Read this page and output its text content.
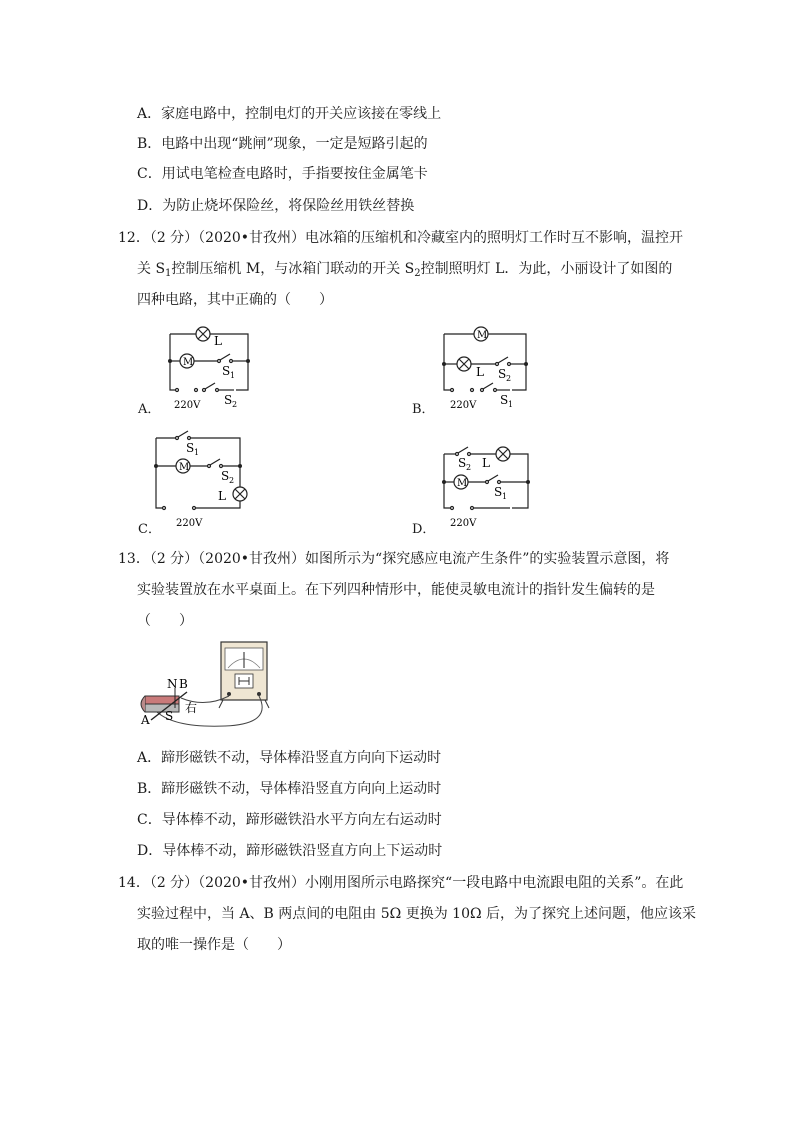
A．家庭电路中，控制电灯的开关应该接在零线上
B．电路中出现“跳闸”现象，一定是短路引起的
C．用试电笔检查电路时，手指要按住金属笔卡
D．为防止烧坏保险丝，将保险丝用铁丝替换
12．（2 分）（2020•甘孜州）电冰箱的压缩机和冷藏室内的照明灯工作时互不影响，温控开
关 $S_1$控制压缩机 M，与冰箱门联动的开关 $S_2$控制照明灯 L．为此，小丽设计了如图的
四种电路，其中正确的（　　）
M
L
S 1
S 2
220V
A．
M
L S 2
S 1
220V
B．
M
S 1
S 2
L
220V
C．
M
S 2 L
S 1
220V
D．
13．（2 分）（2020•甘孜州）如图所示为“探究感应电流产生条件”的实验装置示意图，将
实验装置放在水平桌面上。在下列四种情形中，能使灵敏电流计的指针发生偏转的是
（　　）
N B
S
A
右
A．蹄形磁铁不动，导体棒沿竖直方向向下运动时
B．蹄形磁铁不动，导体棒沿竖直方向向上运动时
C．导体棒不动，蹄形磁铁沿水平方向左右运动时
D．导体棒不动，蹄形磁铁沿竖直方向上下运动时
14．（2 分）（2020•甘孜州）小刚用图所示电路探究“一段电路中电流跟电阻的关系”。在此
实验过程中，当 A、B 两点间的电阻由 5Ω 更换为 10Ω 后，为了探究上述问题，他应该采
取的唯一操作是（　　）
